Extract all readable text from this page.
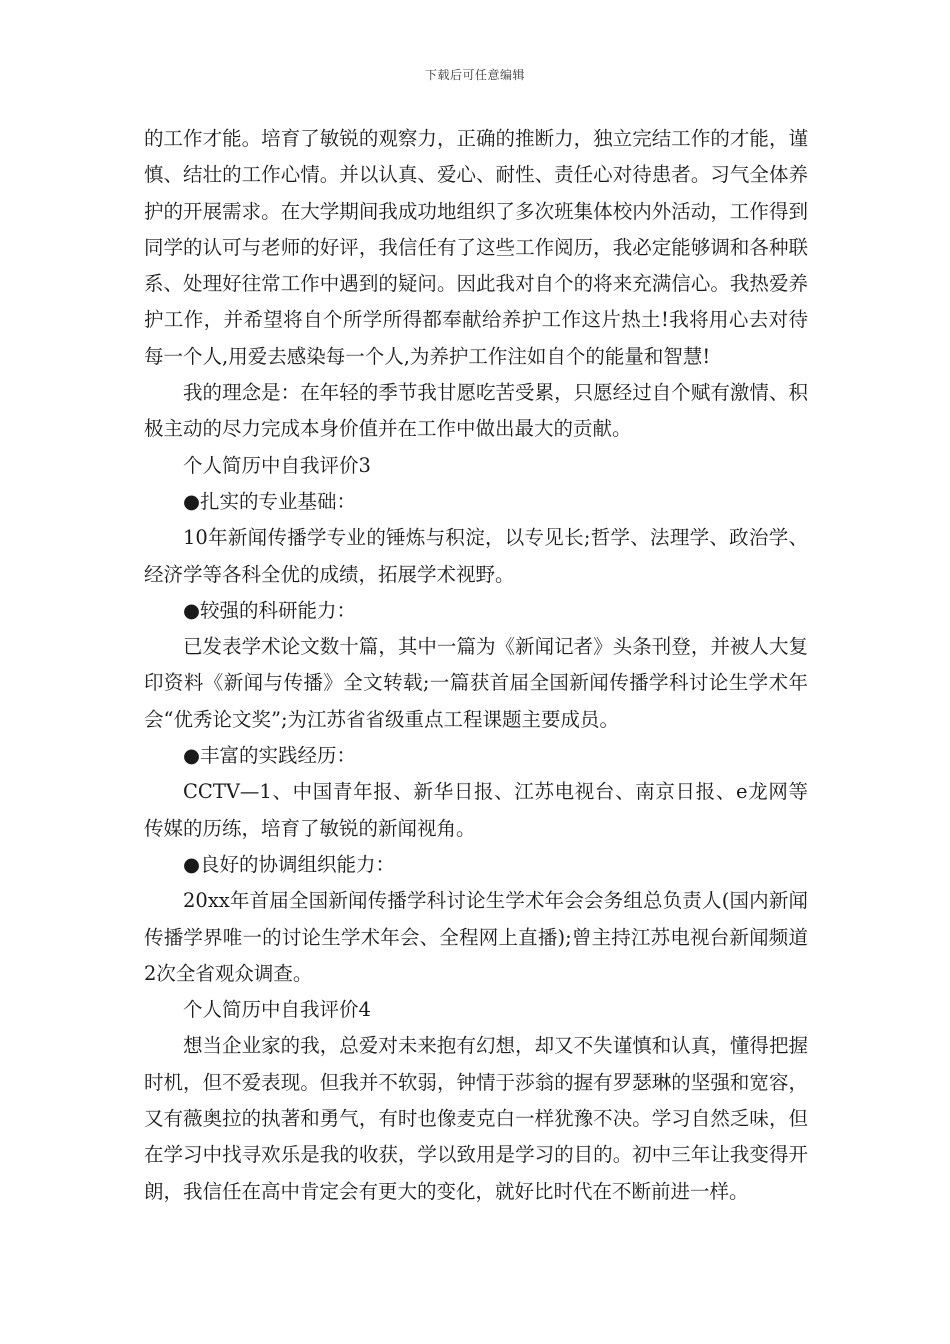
下载后可任意编辑

的工作才能。培育了敏锐的观察力，正确的推断力，独立完结工作的才能，谨慎、结壮的工作心情。并以认真、爱心、耐性、责任心对待患者。习气全体养护的开展需求。在大学期间我成功地组织了多次班集体校内外活动，工作得到同学的认可与老师的好评，我信任有了这些工作阅历，我必定能够调和各种联系、处理好往常工作中遇到的疑问。因此我对自个的将来充满信心。我热爱养护工作，并希望将自个所学所得都奉献给养护工作这片热土!我将用心去对待每一个人,用爱去感染每一个人,为养护工作注如自个的能量和智慧!

我的理念是：在年轻的季节我甘愿吃苦受累，只愿经过自个赋有激情、积极主动的尽力完成本身价值并在工作中做出最大的贡献。

个人简历中自我评价3

●扎实的专业基础：

10年新闻传播学专业的锤炼与积淀，以专见长;哲学、法理学、政治学、经济学等各科全优的成绩，拓展学术视野。

●较强的科研能力：

已发表学术论文数十篇，其中一篇为《新闻记者》头条刊登，并被人大复印资料《新闻与传播》全文转载;一篇获首届全国新闻传播学科讨论生学术年会“优秀论文奖”;为江苏省省级重点工程课题主要成员。

●丰富的实践经历：

CCTV—1、中国青年报、新华日报、江苏电视台、南京日报、e龙网等传媒的历练，培育了敏锐的新闻视角。

●良好的协调组织能力：

20xx年首届全国新闻传播学科讨论生学术年会会务组总负责人(国内新闻传播学界唯一的讨论生学术年会、全程网上直播);曾主持江苏电视台新闻频道2次全省观众调查。

个人简历中自我评价4

想当企业家的我，总爱对未来抱有幻想，却又不失谨慎和认真，懂得把握时机，但不爱表现。但我并不软弱，钟情于莎翁的握有罗瑟琳的坚强和宽容，又有薇奥拉的执著和勇气，有时也像麦克白一样犹豫不决。学习自然乏味，但在学习中找寻欢乐是我的收获，学以致用是学习的目的。初中三年让我变得开朗，我信任在高中肯定会有更大的变化，就好比时代在不断前进一样。
